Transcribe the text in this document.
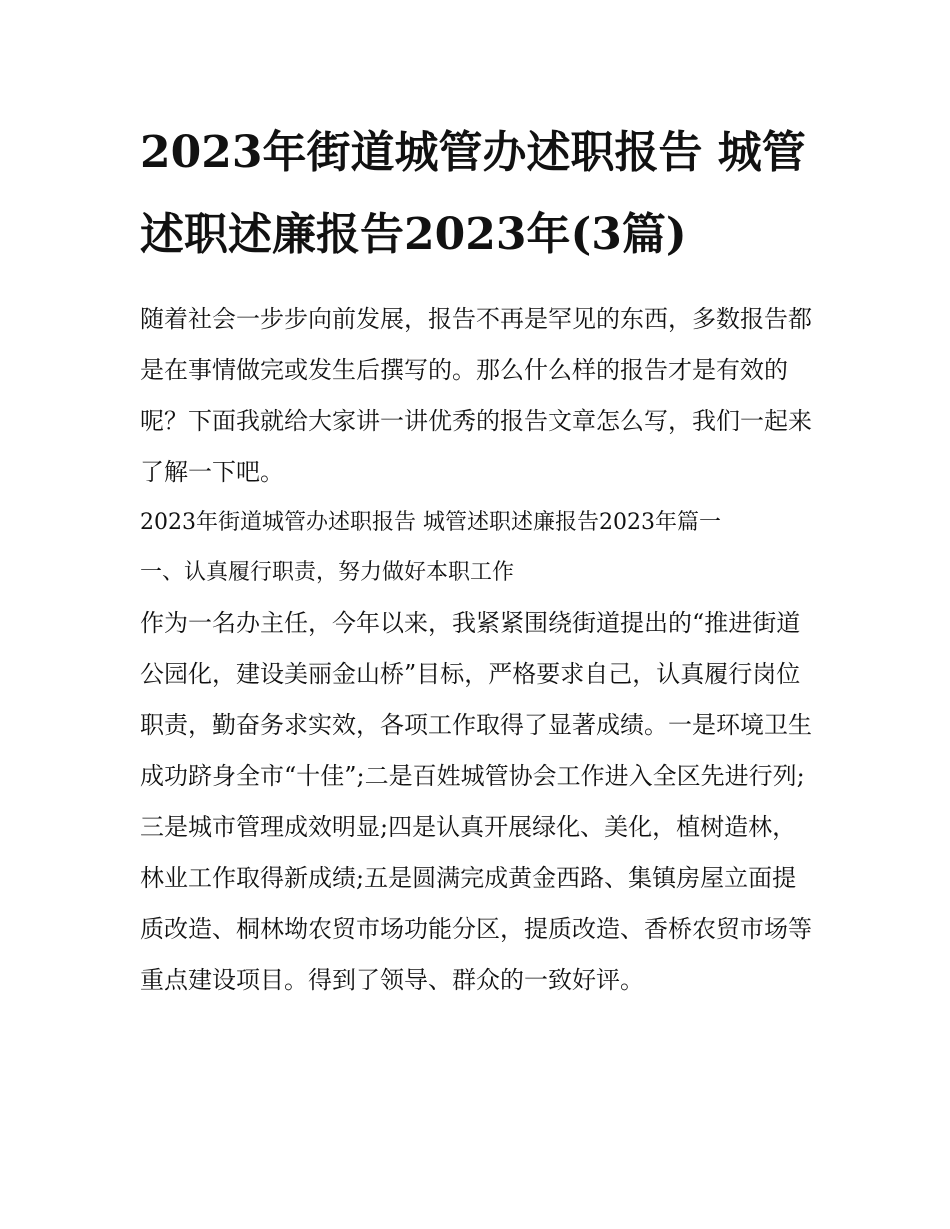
2023年街道城管办述职报告 城管述职述廉报告2023年(3篇)

随着社会一步步向前发展，报告不再是罕见的东西，多数报告都是在事情做完或发生后撰写的。那么什么样的报告才是有效的呢？下面我就给大家讲一讲优秀的报告文章怎么写，我们一起来了解一下吧。

2023年街道城管办述职报告 城管述职述廉报告2023年篇一

一、认真履行职责，努力做好本职工作

作为一名办主任，今年以来，我紧紧围绕街道提出的“推进街道公园化，建设美丽金山桥”目标，严格要求自己，认真履行岗位职责，勤奋务求实效，各项工作取得了显著成绩。一是环境卫生成功跻身全市“十佳”;二是百姓城管协会工作进入全区先进行列;三是城市管理成效明显;四是认真开展绿化、美化，植树造林，林业工作取得新成绩;五是圆满完成黄金西路、集镇房屋立面提质改造、桐林坳农贸市场功能分区，提质改造、香桥农贸市场等重点建设项目。得到了领导、群众的一致好评。
